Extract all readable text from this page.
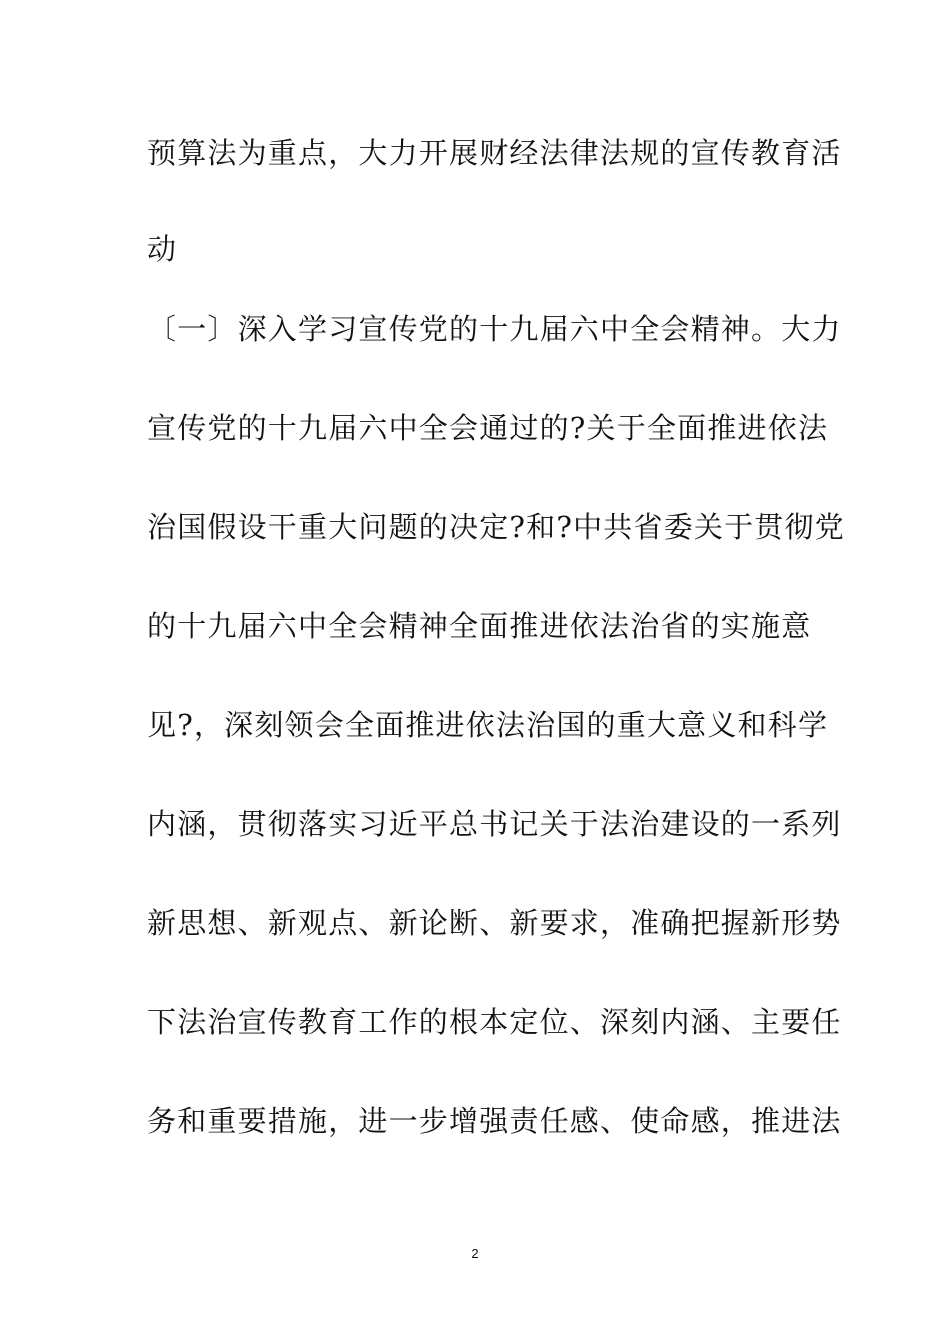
预算法为重点，大力开展财经法律法规的宣传教育活
动
〔一〕深入学习宣传党的十九届六中全会精神。大力
宣传党的十九届六中全会通过的?关于全面推进依法
治国假设干重大问题的决定?和?中共省委关于贯彻党
的十九届六中全会精神全面推进依法治省的实施意
见?，深刻领会全面推进依法治国的重大意义和科学
内涵，贯彻落实习近平总书记关于法治建设的一系列
新思想、新观点、新论断、新要求，准确把握新形势
下法治宣传教育工作的根本定位、深刻内涵、主要任
务和重要措施，进一步增强责任感、使命感，推进法
2
